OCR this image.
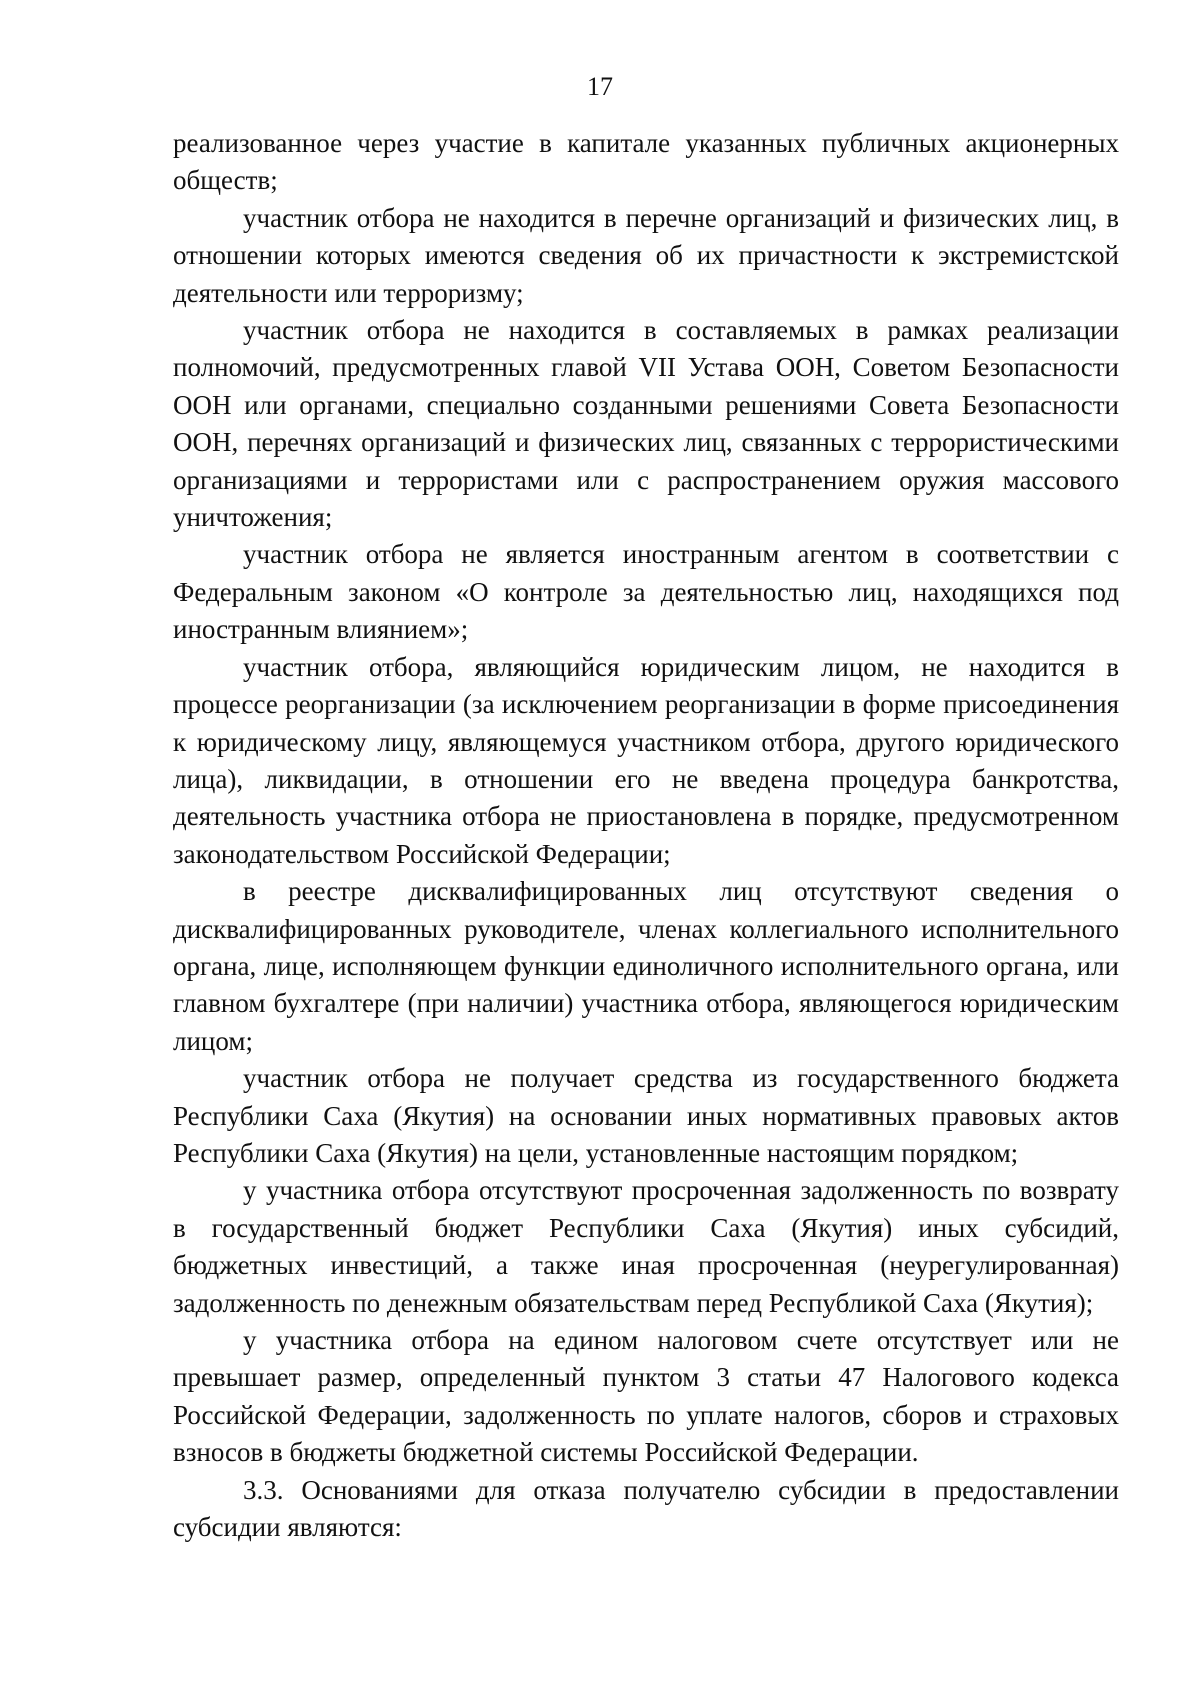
17

реализованное через участие в капитале указанных публичных акционерных обществ;

участник отбора не находится в перечне организаций и физических лиц, в отношении которых имеются сведения об их причастности к экстремистской деятельности или терроризму;

участник отбора не находится в составляемых в рамках реализации полномочий, предусмотренных главой VII Устава ООН, Советом Безопасности ООН или органами, специально созданными решениями Совета Безопасности ООН, перечнях организаций и физических лиц, связанных с террористическими организациями и террористами или с распространением оружия массового уничтожения;

участник отбора не является иностранным агентом в соответствии с Федеральным законом «О контроле за деятельностью лиц, находящихся под иностранным влиянием»;

участник отбора, являющийся юридическим лицом, не находится в процессе реорганизации (за исключением реорганизации в форме присоединения к юридическому лицу, являющемуся участником отбора, другого юридического лица), ликвидации, в отношении его не введена процедура банкротства, деятельность участника отбора не приостановлена в порядке, предусмотренном законодательством Российской Федерации;

в реестре дисквалифицированных лиц отсутствуют сведения о дисквалифицированных руководителе, членах коллегиального исполнительного органа, лице, исполняющем функции единоличного исполнительного органа, или главном бухгалтере (при наличии) участника отбора, являющегося юридическим лицом;

участник отбора не получает средства из государственного бюджета Республики Саха (Якутия) на основании иных нормативных правовых актов Республики Саха (Якутия) на цели, установленные настоящим порядком;

у участника отбора отсутствуют просроченная задолженность по возврату в государственный бюджет Республики Саха (Якутия) иных субсидий, бюджетных инвестиций, а также иная просроченная (неурегулированная) задолженность по денежным обязательствам перед Республикой Саха (Якутия);

у участника отбора на едином налоговом счете отсутствует или не превышает размер, определенный пунктом 3 статьи 47 Налогового кодекса Российской Федерации, задолженность по уплате налогов, сборов и страховых взносов в бюджеты бюджетной системы Российской Федерации.

3.3. Основаниями для отказа получателю субсидии в предоставлении субсидии являются:
